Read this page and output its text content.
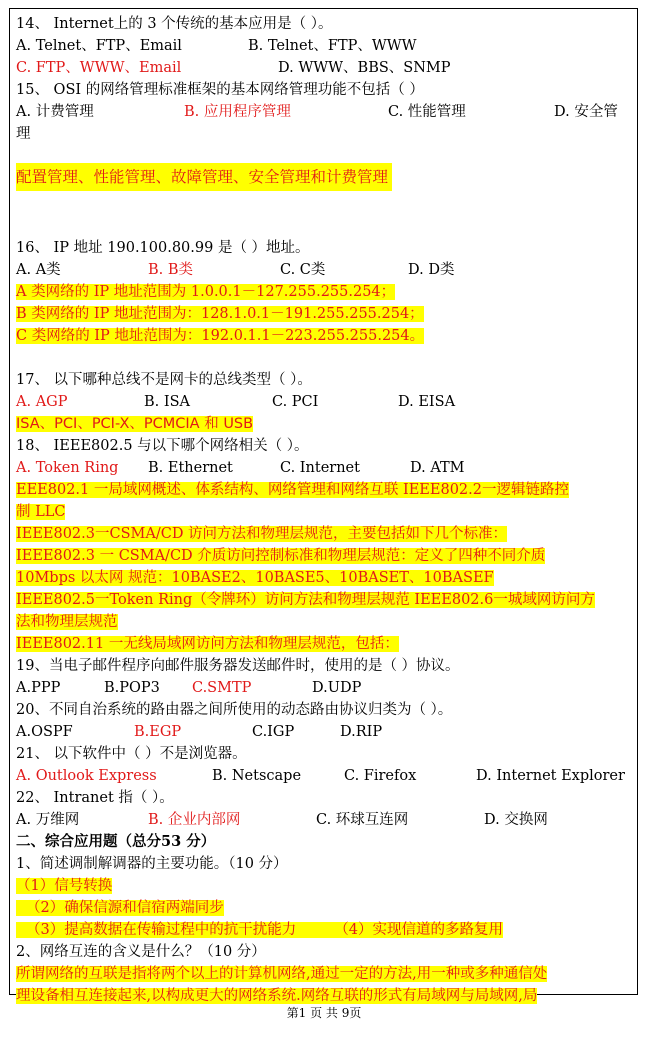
14、 Internet上的 3 个传统的基本应用是（ ）。
A. Telnet、FTP、Email	B. Telnet、FTP、WWW
C. FTP、WWW、Email	D. WWW、BBS、SNMP
15、 OSI 的网络管理标准框架的基本网络管理功能不包括（ ）
A. 计费管理	B. 应用程序管理	C. 性能管理	D. 安全管
理
配置管理、性能管理、故障管理、安全管理和计费管理
16、 IP 地址 190.100.80.99 是（ ）地址。
A. A类	B. B类	C. C类	D. D类
A 类网络的 IP 地址范围为 1.0.0.1－127.255.255.254；
B 类网络的 IP 地址范围为：128.1.0.1－191.255.255.254；
C 类网络的 IP 地址范围为：192.0.1.1－223.255.255.254。
17、 以下哪种总线不是网卡的总线类型（ ）。
A. AGP	B. ISA	C. PCI	D. EISA
ISA、PCI、PCI-X、PCMCIA 和 USB
18、 IEEE802.5 与以下哪个网络相关（ ）。
A. Token Ring B. Ethernet	C. Internet	D. ATM
EEE802.1 一局域网概述、体系结构、网络管理和网络互联 IEEE802.2一逻辑链路控
制 LLC
IEEE802.3一CSMA/CD 访问方法和物理层规范，主要包括如下几个标准：
IEEE802.3 一 CSMA/CD 介质访问控制标准和物理层规范：定义了四种不同介质
10Mbps 以太网 规范：10BASE2、10BASE5、10BASET、10BASEF
IEEE802.5一Token Ring（令牌环）访问方法和物理层规范 IEEE802.6一城域网访问方
法和物理层规范
IEEE802.11 一无线局域网访问方法和物理层规范，包括：
19、当电子邮件程序向邮件服务器发送邮件时，使用的是（ ）协议。
A.PPP	B.POP3 C.SMTP	D.UDP
20、不同自治系统的路由器之间所使用的动态路由协议归类为（ ）。
A.OSPF	B.EGP	C.IGP	D.RIP
21、 以下软件中（ ）不是浏览器。
A. Outlook Express	B. Netscape	C. Firefox	D. Internet Explorer
22、 Intranet 指（ ）。
A. 万维网	B. 企业内部网	C. 环球互连网	D. 交换网
二、综合应用题（总分53 分）
1、简述调制解调器的主要功能。（10 分）
（1）信号转换
（2）确保信源和信宿两端同步
（3）提高数据在传输过程中的抗干扰能力	（4）实现信道的多路复用
2、网络互连的含义是什么？（10 分）
所谓网络的互联是指将两个以上的计算机网络,通过一定的方法,用一种或多种通信处
理设备相互连接起来,以构成更大的网络系统.网络互联的形式有局域网与局域网,局
第1 页 共 9页
